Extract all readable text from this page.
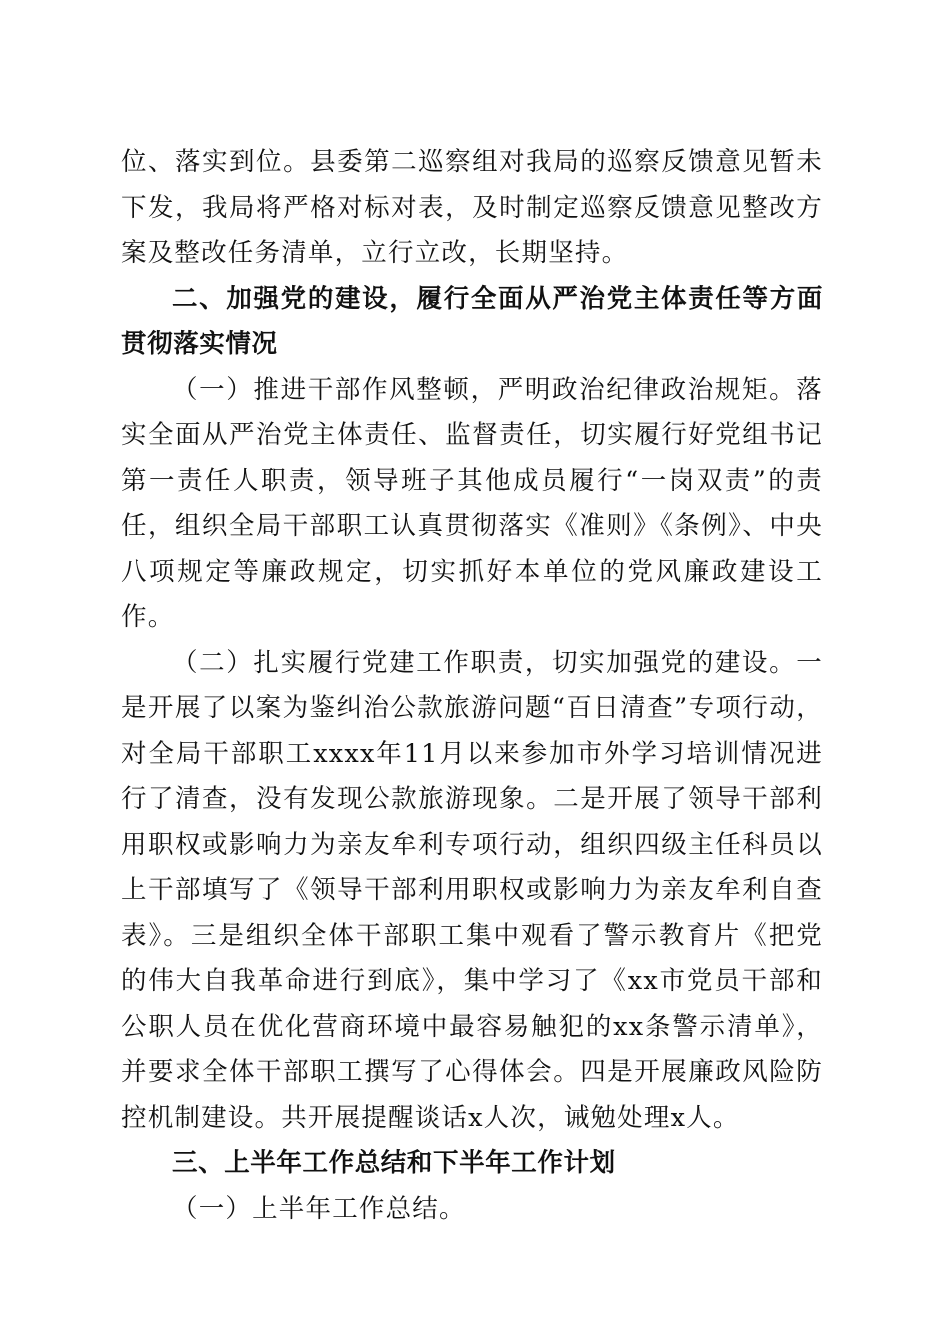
位、落实到位。县委第二巡察组对我局的巡察反馈意见暂未下发，我局将严格对标对表，及时制定巡察反馈意见整改方案及整改任务清单，立行立改，长期坚持。

二、加强党的建设，履行全面从严治党主体责任等方面贯彻落实情况

（一）推进干部作风整顿，严明政治纪律政治规矩。落实全面从严治党主体责任、监督责任，切实履行好党组书记第一责任人职责，领导班子其他成员履行“一岗双责”的责任，组织全局干部职工认真贯彻落实《准则》《条例》、中央八项规定等廉政规定，切实抓好本单位的党风廉政建设工作。

（二）扎实履行党建工作职责，切实加强党的建设。一是开展了以案为鉴纠治公款旅游问题“百日清查”专项行动，对全局干部职工xxxx年11月以来参加市外学习培训情况进行了清查，没有发现公款旅游现象。二是开展了领导干部利用职权或影响力为亲友牟利专项行动，组织四级主任科员以上干部填写了《领导干部利用职权或影响力为亲友牟利自查表》。三是组织全体干部职工集中观看了警示教育片《把党的伟大自我革命进行到底》，集中学习了《xx市党员干部和公职人员在优化营商环境中最容易触犯的xx条警示清单》，并要求全体干部职工撰写了心得体会。四是开展廉政风险防控机制建设。共开展提醒谈话x人次，诫勉处理x人。

三、上半年工作总结和下半年工作计划

（一）上半年工作总结。
